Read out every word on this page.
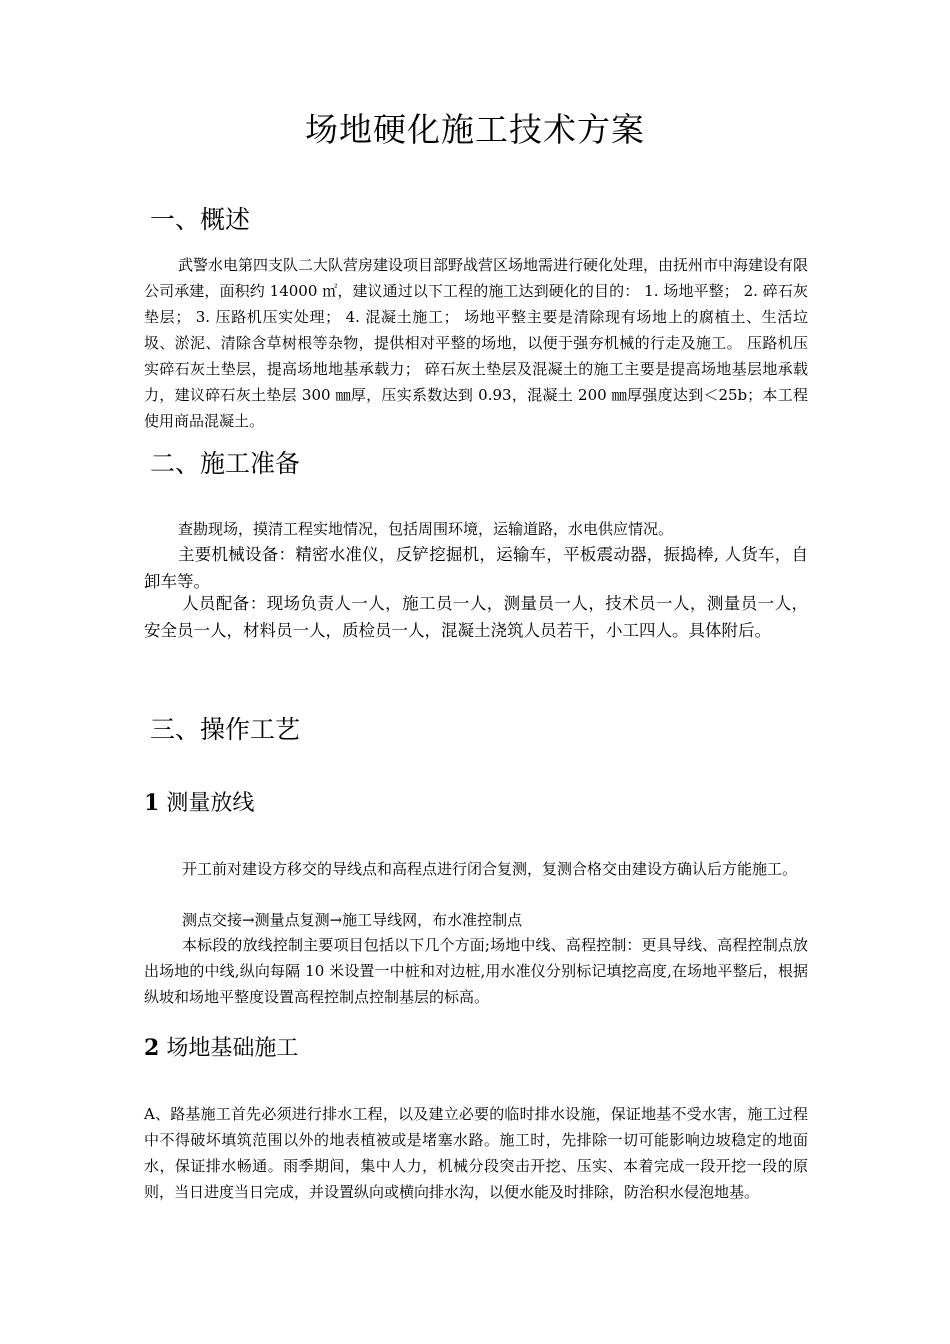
场地硬化施工技术方案
一、概述

武警水电第四支队二大队营房建设项目部野战营区场地需进行硬化处理，由抚州市中海建设有限公司承建，面积约 14000 ㎡，建议通过以下工程的施工达到硬化的目的： 1. 场地平整； 2. 碎石灰垫层； 3. 压路机压实处理； 4. 混凝土施工； 场地平整主要是清除现有场地上的腐植土、生活垃圾、淤泥、清除含草树根等杂物，提供相对平整的场地，以便于强夯机械的行走及施工。 压路机压实碎石灰土垫层，提高场地地基承载力； 碎石灰土垫层及混凝土的施工主要是提高场地基层地承载力，建议碎石灰土垫层 300 ㎜厚，压实系数达到 0.93，混凝土 200 ㎜厚强度达到＜25b；本工程使用商品混凝土。

二、施工准备

查勘现场，摸清工程实地情况，包括周围环境，运输道路，水电供应情况。

主要机械设备：精密水准仪，反铲挖掘机，运输车，平板震动器，振捣棒, 人货车，自卸车等。

人员配备：现场负责人一人，施工员一人，测量员一人，技术员一人，测量员一人，安全员一人，材料员一人，质检员一人，混凝土浇筑人员若干，小工四人。具体附后。

三、操作工艺
1 测量放线

开工前对建设方移交的导线点和高程点进行闭合复测，复测合格交由建设方确认后方能施工。

测点交接→测量点复测→施工导线网，布水准控制点

本标段的放线控制主要项目包括以下几个方面;场地中线、高程控制：更具导线、高程控制点放出场地的中线,纵向每隔 10 米设置一中桩和对边桩,用水准仪分别标记填挖高度,在场地平整后，根据纵坡和场地平整度设置高程控制点控制基层的标高。

2 场地基础施工

A、路基施工首先必须进行排水工程，以及建立必要的临时排水设施，保证地基不受水害，施工过程中不得破坏填筑范围以外的地表植被或是堵塞水路。施工时，先排除一切可能影响边坡稳定的地面水，保证排水畅通。雨季期间，集中人力，机械分段突击开挖、压实、本着完成一段开挖一段的原则，当日进度当日完成，并设置纵向或横向排水沟，以便水能及时排除，防治积水侵泡地基。
